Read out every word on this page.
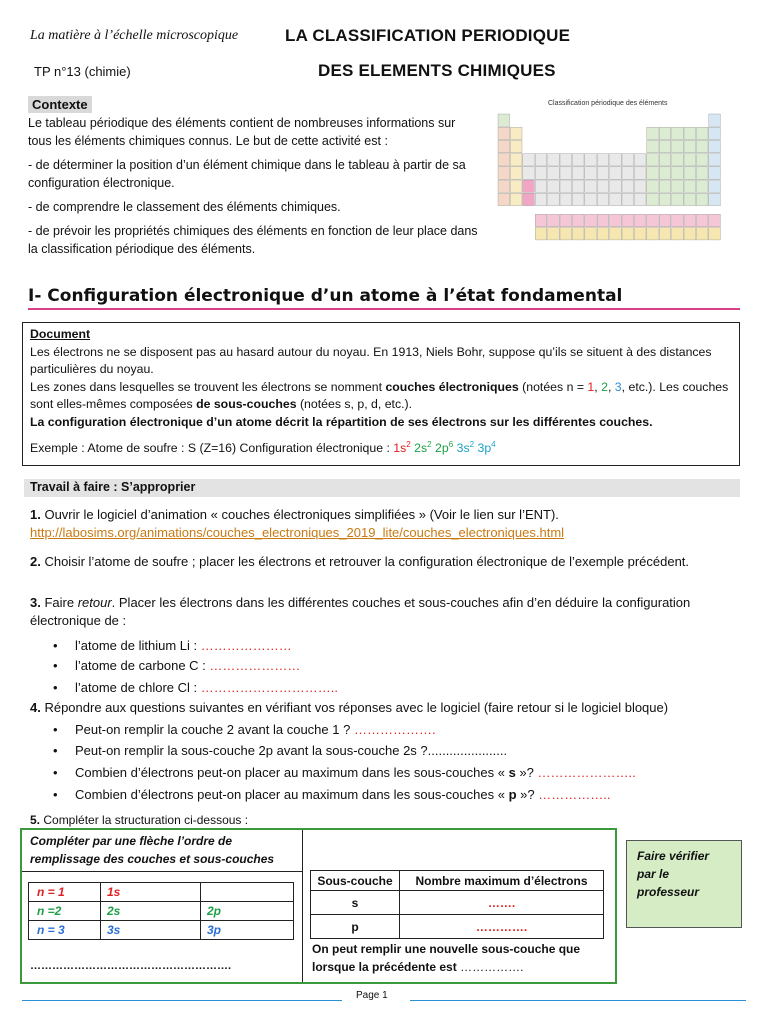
La matière à l’échelle microscopique	LA CLASSIFICATION PERIODIQUE
TP n°13 (chimie)	DES ELEMENTS CHIMIQUES
Contexte

Le tableau périodique des éléments contient de nombreuses informations sur tous les éléments chimiques connus. Le but de cette activité est :

- de déterminer la position d’un élément chimique dans le tableau à partir de sa configuration électronique.

- de comprendre le classement des éléments chimiques.

- de prévoir les propriétés chimiques des éléments en fonction de leur place dans la classification périodique des éléments.

Classification périodique des éléments
I- Configuration électronique d’un atome à l’état fondamental

Document

Les électrons ne se disposent pas au hasard autour du noyau. En 1913, Niels Bohr, suppose qu’ils se situent à des distances particulières du noyau.

Les zones dans lesquelles se trouvent les électrons se nomment couches électroniques (notées n = 1, 2, 3, etc.). Les couches sont elles-mêmes composées de sous-couches (notées s, p, d, etc.).

La configuration électronique d’un atome décrit la répartition de ses électrons sur les différentes couches.

Exemple : Atome de soufre : S (Z=16) Configuration électronique : $1s^2$ $2s^2$ $2p^6$ $3s^2$ $3p^4$

Travail à faire : S’approprier
1. Ouvrir le logiciel d’animation « couches électroniques simplifiées » (Voir le lien sur l’ENT).
http://labosims.org/animations/couches_electroniques_2019_lite/couches_electroniques.html
2. Choisir l’atome de soufre ; placer les électrons et retrouver la configuration électronique de l’exemple précédent.
3. Faire retour. Placer les électrons dans les différentes couches et sous-couches afin d’en déduire la configuration électronique de :
• l’atome de lithium Li : …………………
• l’atome de carbone C : …………………
• l’atome de chlore Cl : …………………………..
4. Répondre aux questions suivantes en vérifiant vos réponses avec le logiciel (faire retour si le logiciel bloque)
• Peut-on remplir la couche 2 avant la couche 1 ? ……………….
• Peut-on remplir la sous-couche 2p avant la sous-couche 2s ?......................
• Combien d’électrons peut-on placer au maximum dans les sous-couches « s »? …………………..
• Combien d’électrons peut-on placer au maximum dans les sous-couches « p »? ……………..
5. Compléter la structuration ci-dessous :
Compléter par une flèche l’ordre de remplissage des couches et sous-couches
n = 1	1s	
n =2	2s	2p
n = 3	3s	3p
……………………………………………….
Sous-couche	Nombre maximum d’électrons
s	…….
p	………….
On peut remplir une nouvelle sous-couche que lorsque la précédente est …………….
Faire vérifier par le professeur
Page 1
